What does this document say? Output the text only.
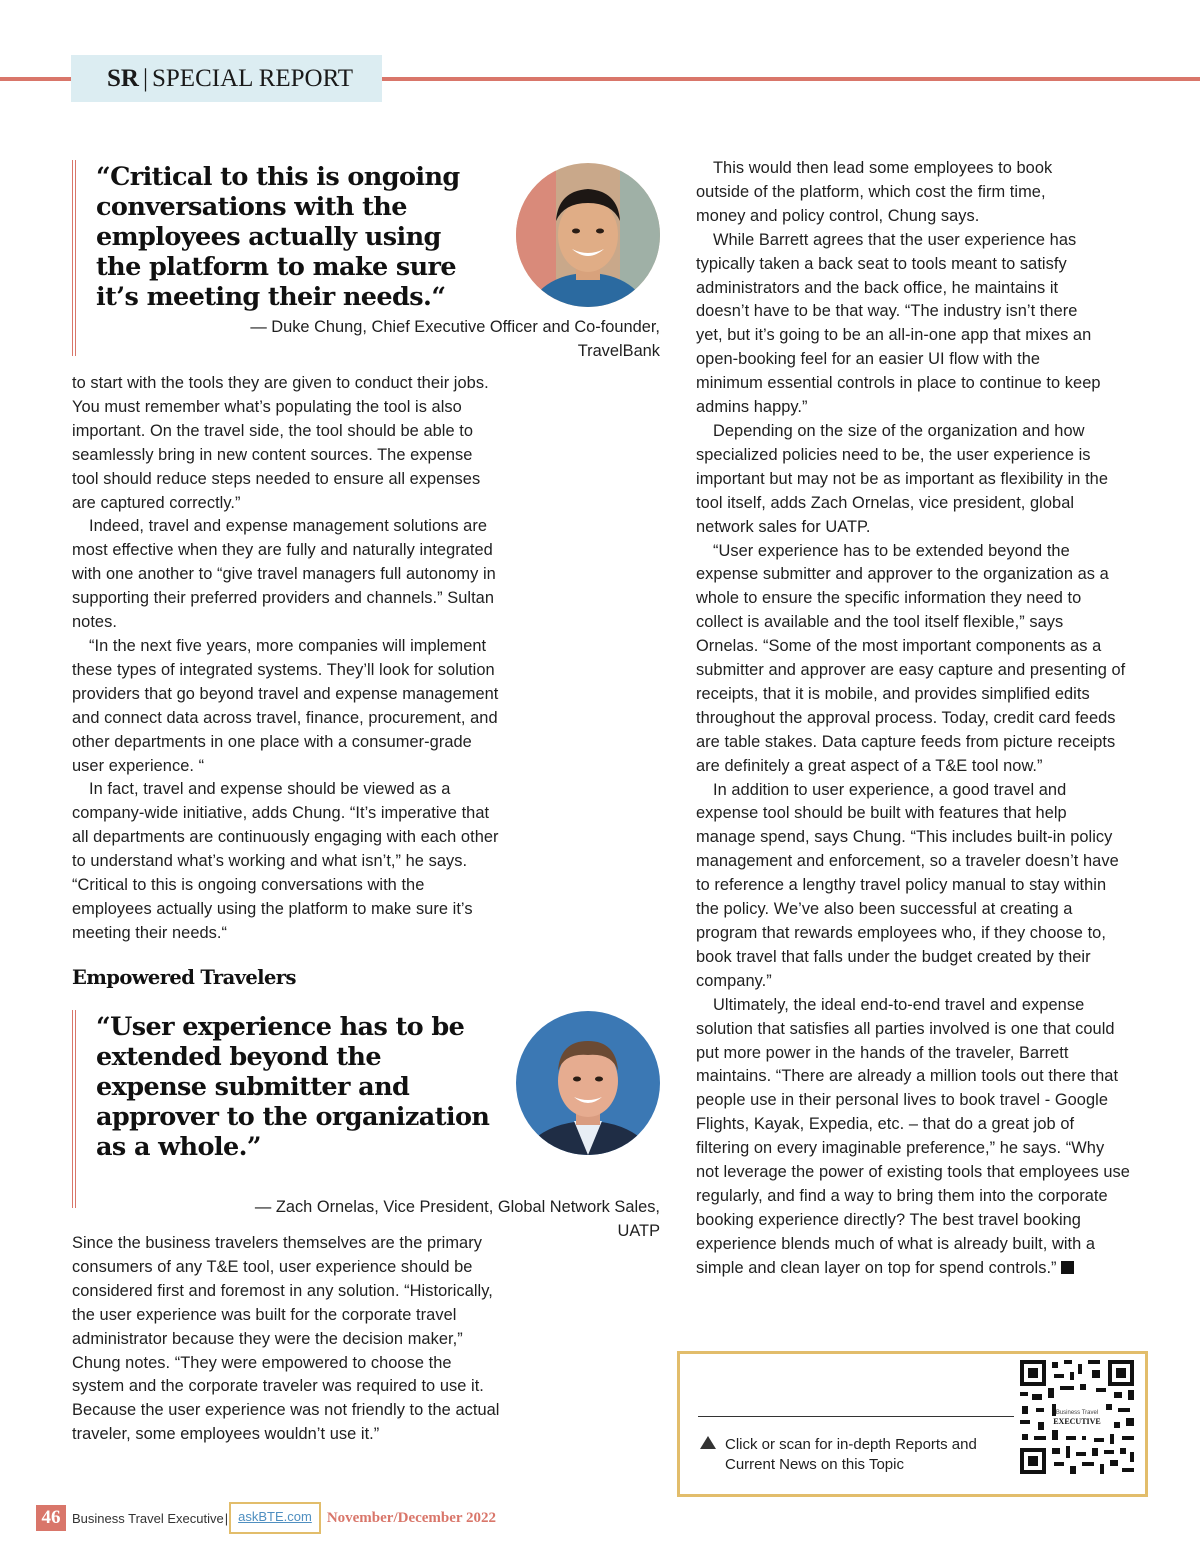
SR | SPECIAL REPORT

“Critical to this is ongoing conversations with the employees actually using the platform to make sure it’s meeting their needs.“

— Duke Chung, Chief Executive Officer and Co-founder,

TravelBank

to start with the tools they are given to conduct their jobs. You must remember what’s populating the tool is also important. On the travel side, the tool should be able to seamlessly bring in new content sources. The expense tool should reduce steps needed to ensure all expenses are captured correctly.”

Indeed, travel and expense management solutions are most effective when they are fully and naturally integrated with one another to “give travel managers full autonomy in supporting their preferred providers and channels.” Sultan notes.

“In the next five years, more companies will implement these types of integrated systems. They’ll look for solution providers that go beyond travel and expense management and connect data across travel, finance, procurement, and other departments in one place with a consumer-grade user experience. “

In fact, travel and expense should be viewed as a company-wide initiative, adds Chung. “It’s imperative that all departments are continuously engaging with each other to understand what’s working and what isn’t,” he says. “Critical to this is ongoing conversations with the employees actually using the platform to make sure it’s meeting their needs.“

Empowered Travelers

“User experience has to be extended beyond the expense submitter and approver to the organization as a whole.”

— Zach Ornelas, Vice President, Global Network Sales,

UATP

Since the business travelers themselves are the primary consumers of any T&E tool, user experience should be considered first and foremost in any solution. “Historically, the user experience was built for the corporate travel administrator because they were the decision maker,” Chung notes. “They were empowered to choose the system and the corporate traveler was required to use it. Because the user experience was not friendly to the actual traveler, some employees wouldn’t use it.”

This would then lead some employees to book outside of the platform, which cost the firm time, money and policy control, Chung says.

While Barrett agrees that the user experience has typically taken a back seat to tools meant to satisfy administrators and the back office, he maintains it doesn’t have to be that way. “The industry isn’t there yet, but it’s going to be an all-in-one app that mixes an open-booking feel for an easier UI flow with the minimum essential controls in place to continue to keep admins happy.”

Depending on the size of the organization and how specialized policies need to be, the user experience is important but may not be as important as flexibility in the tool itself, adds Zach Ornelas, vice president, global network sales for UATP.

“User experience has to be extended beyond the expense submitter and approver to the organization as a whole to ensure the specific information they need to collect is available and the tool itself flexible,” says Ornelas. “Some of the most important components as a submitter and approver are easy capture and presenting of receipts, that it is mobile, and provides simplified edits throughout the approval process. Today, credit card feeds are table stakes. Data capture feeds from picture receipts are definitely a great aspect of a T&E tool now.”

In addition to user experience, a good travel and expense tool should be built with features that help manage spend, says Chung. “This includes built-in policy management and enforcement, so a traveler doesn’t have to reference a lengthy travel policy manual to stay within the policy. We’ve also been successful at creating a program that rewards employees who, if they choose to, book travel that falls under the budget created by their company.”

Ultimately, the ideal end-to-end travel and expense solution that satisfies all parties involved is one that could put more power in the hands of the traveler, Barrett maintains. “There are already a million tools out there that people use in their personal lives to book travel - Google Flights, Kayak, Expedia, etc. – that do a great job of filtering on every imaginable preference,” he says. “Why not leverage the power of existing tools that employees use regularly, and find a way to bring them into the corporate booking experience directly? The best travel booking experience blends much of what is already built, with a simple and clean layer on top for spend controls.”

Click or scan for in-depth Reports and Current News on this Topic

Business Travel
EXECUTIVE
46 Business Travel Executive | askBTE.com	November/December 2022
